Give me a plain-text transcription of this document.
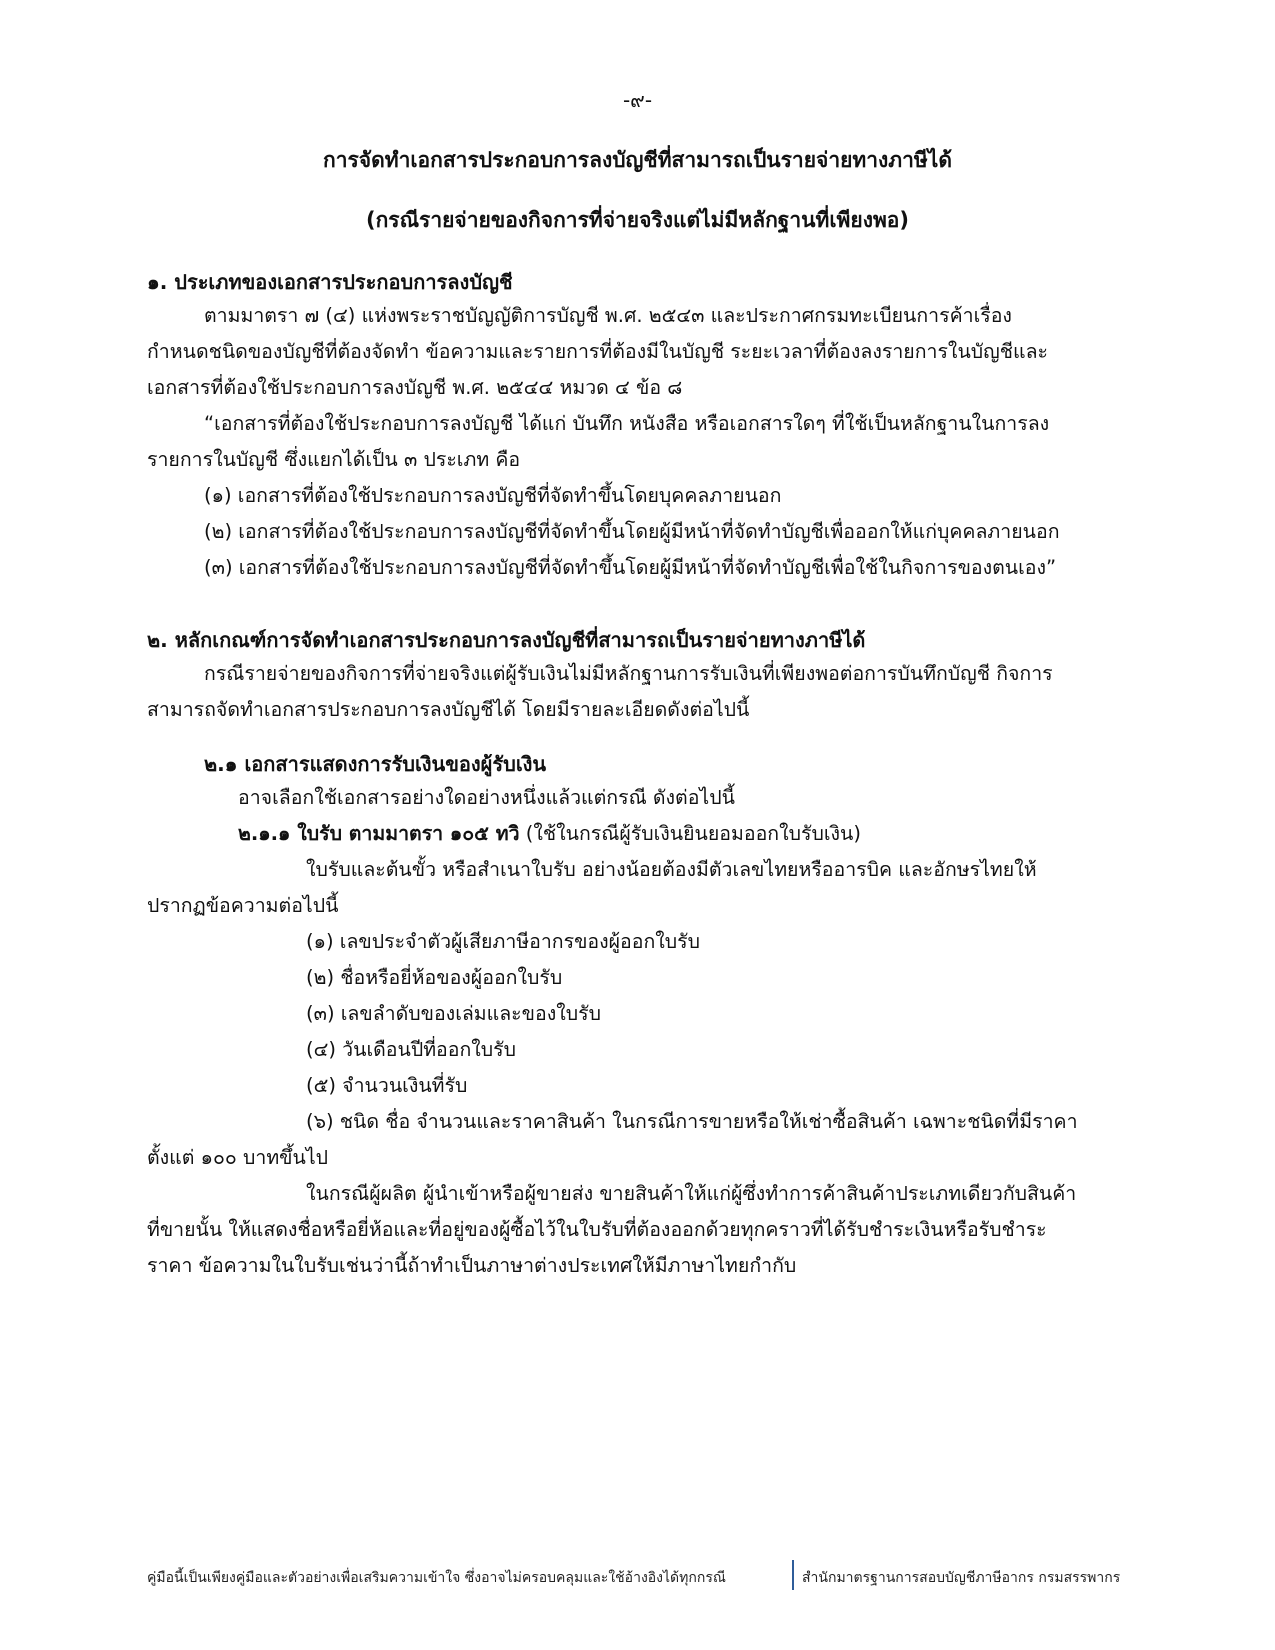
-๙-
การจัดทำเอกสารประกอบการลงบัญชีที่สามารถเป็นรายจ่ายทางภาษีได้
(กรณีรายจ่ายของกิจการที่จ่ายจริงแต่ไม่มีหลักฐานที่เพียงพอ)
๑. ประเภทของเอกสารประกอบการลงบัญชี
ตามมาตรา ๗ (๔) แห่งพระราชบัญญัติการบัญชี พ.ศ. ๒๕๔๓ และประกาศกรมทะเบียนการค้าเรื่อง
กำหนดชนิดของบัญชีที่ต้องจัดทำ ข้อความและรายการที่ต้องมีในบัญชี ระยะเวลาที่ต้องลงรายการในบัญชีและ
เอกสารที่ต้องใช้ประกอบการลงบัญชี พ.ศ. ๒๕๔๔ หมวด ๔ ข้อ ๘
“เอกสารที่ต้องใช้ประกอบการลงบัญชี ได้แก่ บันทึก หนังสือ หรือเอกสารใดๆ ที่ใช้เป็นหลักฐานในการลง
รายการในบัญชี ซึ่งแยกได้เป็น ๓ ประเภท คือ
(๑) เอกสารที่ต้องใช้ประกอบการลงบัญชีที่จัดทำขึ้นโดยบุคคลภายนอก
(๒) เอกสารที่ต้องใช้ประกอบการลงบัญชีที่จัดทำขึ้นโดยผู้มีหน้าที่จัดทำบัญชีเพื่อออกให้แก่บุคคลภายนอก
(๓) เอกสารที่ต้องใช้ประกอบการลงบัญชีที่จัดทำขึ้นโดยผู้มีหน้าที่จัดทำบัญชีเพื่อใช้ในกิจการของตนเอง”
๒. หลักเกณฑ์การจัดทำเอกสารประกอบการลงบัญชีที่สามารถเป็นรายจ่ายทางภาษีได้
กรณีรายจ่ายของกิจการที่จ่ายจริงแต่ผู้รับเงินไม่มีหลักฐานการรับเงินที่เพียงพอต่อการบันทึกบัญชี กิจการ
สามารถจัดทำเอกสารประกอบการลงบัญชีได้ โดยมีรายละเอียดดังต่อไปนี้
๒.๑ เอกสารแสดงการรับเงินของผู้รับเงิน
อาจเลือกใช้เอกสารอย่างใดอย่างหนึ่งแล้วแต่กรณี ดังต่อไปนี้
๒.๑.๑ ใบรับ ตามมาตรา ๑๐๕ ทวิ (ใช้ในกรณีผู้รับเงินยินยอมออกใบรับเงิน)
ใบรับและต้นขั้ว หรือสำเนาใบรับ อย่างน้อยต้องมีตัวเลขไทยหรืออารบิค และอักษรไทยให้
ปรากฏข้อความต่อไปนี้
(๑) เลขประจำตัวผู้เสียภาษีอากรของผู้ออกใบรับ
(๒) ชื่อหรือยี่ห้อของผู้ออกใบรับ
(๓) เลขลำดับของเล่มและของใบรับ
(๔) วันเดือนปีที่ออกใบรับ
(๕) จำนวนเงินที่รับ
(๖) ชนิด ชื่อ จำนวนและราคาสินค้า ในกรณีการขายหรือให้เช่าซื้อสินค้า เฉพาะชนิดที่มีราคา
ตั้งแต่ ๑๐๐ บาทขึ้นไป
ในกรณีผู้ผลิต ผู้นำเข้าหรือผู้ขายส่ง ขายสินค้าให้แก่ผู้ซึ่งทำการค้าสินค้าประเภทเดียวกับสินค้า
ที่ขายนั้น ให้แสดงชื่อหรือยี่ห้อและที่อยู่ของผู้ซื้อไว้ในใบรับที่ต้องออกด้วยทุกคราวที่ได้รับชำระเงินหรือรับชำระ
ราคา ข้อความในใบรับเช่นว่านี้ถ้าทำเป็นภาษาต่างประเทศให้มีภาษาไทยกำกับ
คู่มือนี้เป็นเพียงคู่มือและตัวอย่างเพื่อเสริมความเข้าใจ ซึ่งอาจไม่ครอบคลุมและใช้อ้างอิงได้ทุกกรณี	สำนักมาตรฐานการสอบบัญชีภาษีอากร กรมสรรพากร
